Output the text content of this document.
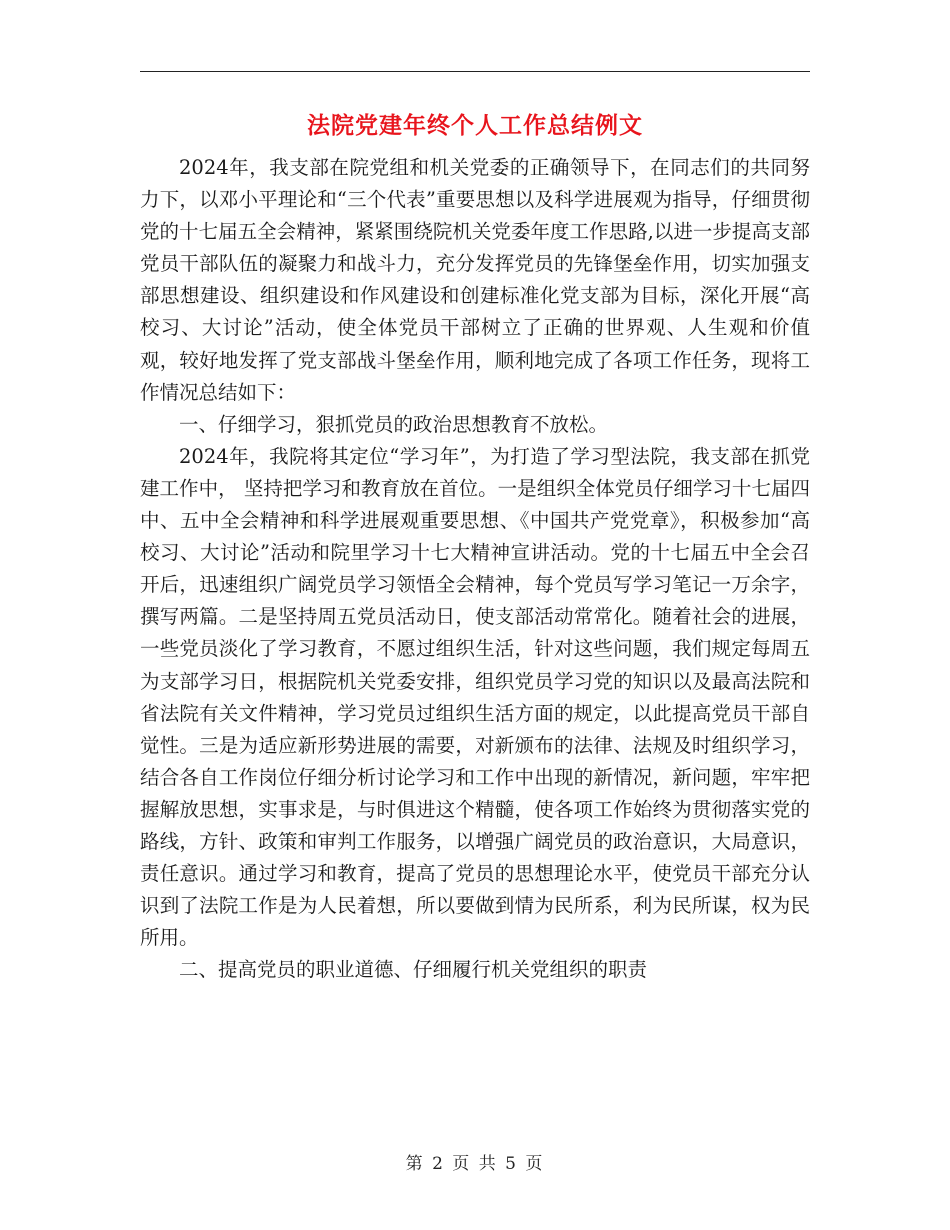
法院党建年终个人工作总结例文

2024年，我支部在院党组和机关党委的正确领导下，在同志们的共同努力下，以邓小平理论和“三个代表”重要思想以及科学进展观为指导，仔细贯彻党的十七届五全会精神，紧紧围绕院机关党委年度工作思路,以进一步提高支部党员干部队伍的凝聚力和战斗力，充分发挥党员的先锋堡垒作用，切实加强支部思想建设、组织建设和作风建设和创建标准化党支部为目标，深化开展“高校习、大讨论”活动，使全体党员干部树立了正确的世界观、人生观和价值观，较好地发挥了党支部战斗堡垒作用，顺利地完成了各项工作任务，现将工作情况总结如下：

一、仔细学习，狠抓党员的政治思想教育不放松。

2024年，我院将其定位“学习年”，为打造了学习型法院，我支部在抓党建工作中， 坚持把学习和教育放在首位。一是组织全体党员仔细学习十七届四中、五中全会精神和科学进展观重要思想、《中国共产党党章》，积极参加“高校习、大讨论”活动和院里学习十七大精神宣讲活动。党的十七届五中全会召开后，迅速组织广阔党员学习领悟全会精神，每个党员写学习笔记一万余字，撰写两篇。二是坚持周五党员活动日，使支部活动常常化。随着社会的进展，一些党员淡化了学习教育，不愿过组织生活，针对这些问题，我们规定每周五为支部学习日，根据院机关党委安排，组织党员学习党的知识以及最高法院和省法院有关文件精神，学习党员过组织生活方面的规定，以此提高党员干部自觉性。三是为适应新形势进展的需要，对新颁布的法律、法规及时组织学习，结合各自工作岗位仔细分析讨论学习和工作中出现的新情况，新问题，牢牢把握解放思想，实事求是，与时俱进这个精髓，使各项工作始终为贯彻落实党的路线，方针、政策和审判工作服务，以增强广阔党员的政治意识，大局意识，责任意识。通过学习和教育，提高了党员的思想理论水平，使党员干部充分认识到了法院工作是为人民着想，所以要做到情为民所系，利为民所谋，权为民所用。

二、提高党员的职业道德、仔细履行机关党组织的职责

第 2 页 共 5 页
